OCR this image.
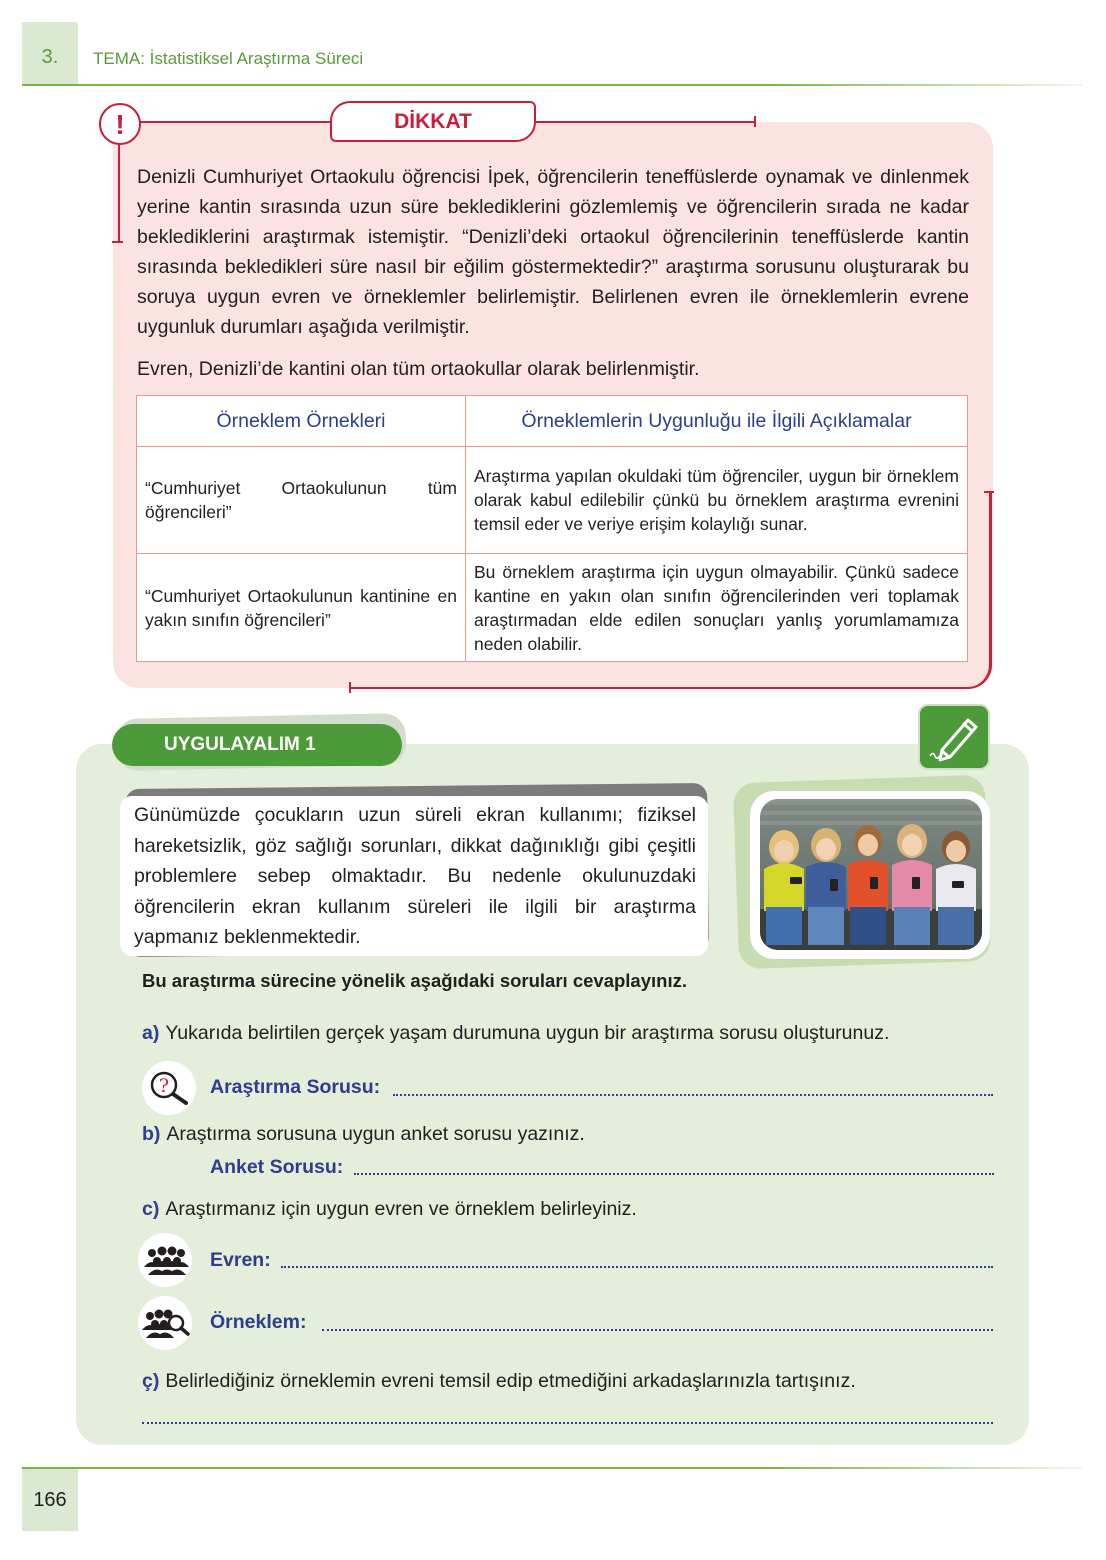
3.	TEMA: İstatistiksel Araştırma Süreci
!	DİKKAT

Denizli Cumhuriyet Ortaokulu öğrencisi İpek, öğrencilerin teneffüslerde oynamak ve dinlenmek yerine kantin sırasında uzun süre beklediklerini gözlemlemiş ve öğrencilerin sırada ne kadar beklediklerini araştırmak istemiştir. “Denizli’deki ortaokul öğrencilerinin teneffüslerde kantin sırasında bekledikleri süre nasıl bir eğilim göstermektedir?” araştırma sorusunu oluşturarak bu soruya uygun evren ve örneklemler belirlemiştir. Belirlenen evren ile örneklemlerin evrene uygunluk durumları aşağıda verilmiştir.

Evren, Denizli’de kantini olan tüm ortaokullar olarak belirlenmiştir.

Örneklem Örnekleri	Örneklemlerin Uygunluğu ile İlgili Açıklamalar
“Cumhuriyet Ortaokulunun tüm öğrencileri”	Araştırma yapılan okuldaki tüm öğrenciler, uygun bir örneklem olarak kabul edilebilir çünkü bu örneklem araştırma evrenini temsil eder ve veriye erişim kolaylığı sunar.
“Cumhuriyet Ortaokulunun kantinine en yakın sınıfın öğrencileri”	Bu örneklem araştırma için uygun olmayabilir. Çünkü sadece kantine en yakın olan sınıfın öğrencilerinden veri toplamak araştırmadan elde edilen sonuçları yanlış yorumlamamıza neden olabilir.
UYGULAYALIM 1

Günümüzde çocukların uzun süreli ekran kullanımı; fiziksel hareketsizlik, göz sağlığı sorunları, dikkat dağınıklığı gibi çeşitli problemlere sebep olmaktadır. Bu nedenle okulunuzdaki öğrencilerin ekran kullanım süreleri ile ilgili bir araştırma yapmanız beklenmektedir.

Bu araştırma sürecine yönelik aşağıdaki soruları cevaplayınız.
a) Yukarıda belirtilen gerçek yaşam durumuna uygun bir araştırma sorusu oluşturunuz.
? Araştırma Sorusu:
b) Araştırma sorusuna uygun anket sorusu yazınız.
Anket Sorusu:
c) Araştırmanız için uygun evren ve örneklem belirleyiniz.
Evren:
Örneklem:
ç) Belirlediğiniz örneklemin evreni temsil edip etmediğini arkadaşlarınızla tartışınız.
166
